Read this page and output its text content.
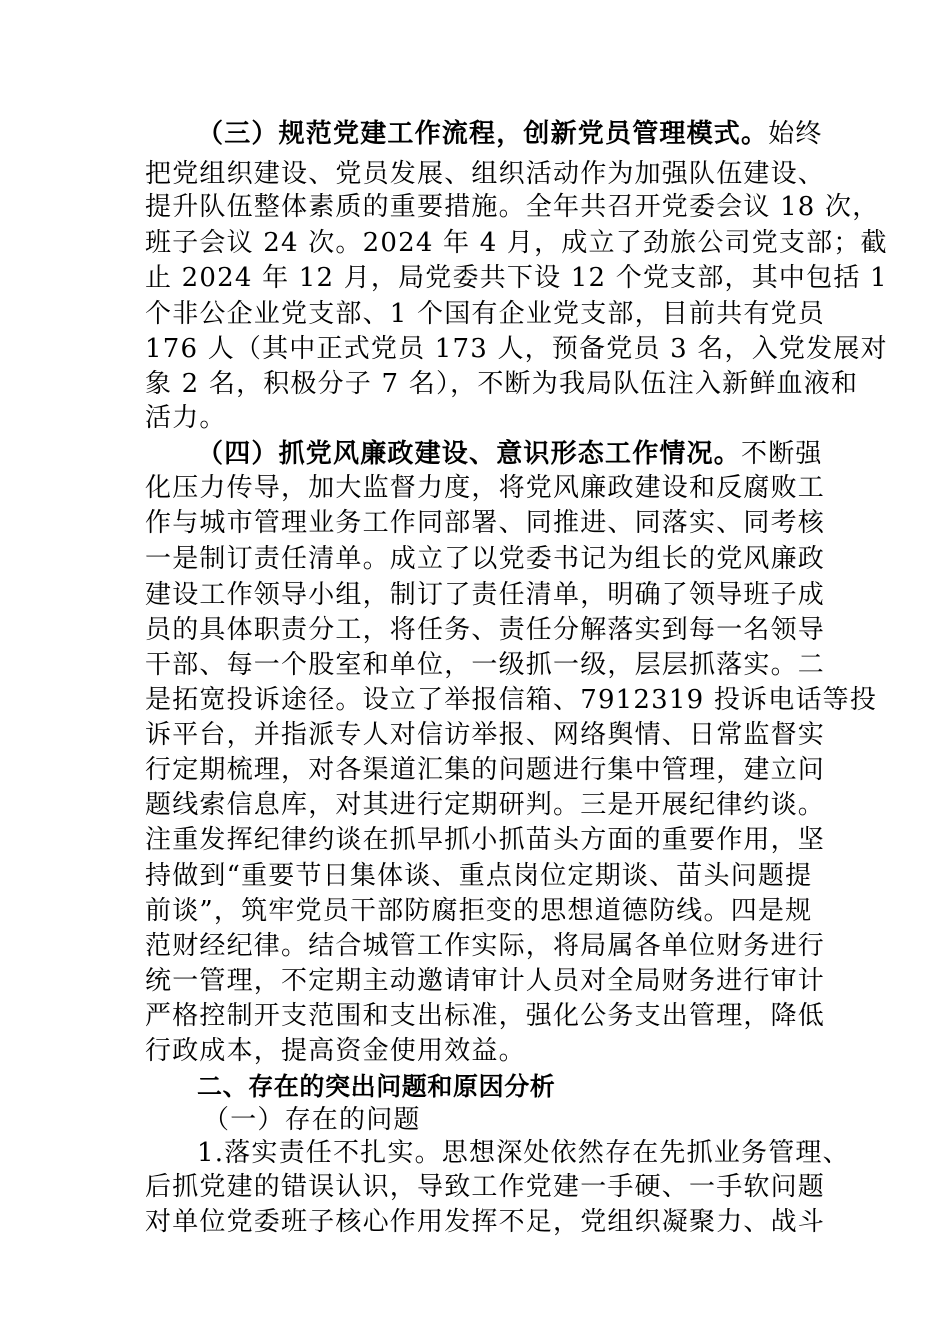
（三）规范党建工作流程，创新党员管理模式。始终
把党组织建设、党员发展、组织活动作为加强队伍建设、
提升队伍整体素质的重要措施。全年共召开党委会议 18 次，
班子会议 24 次。2024 年 4 月，成立了劲旅公司党支部；截
止 2024 年 12 月，局党委共下设 12 个党支部，其中包括 1
个非公企业党支部、1 个国有企业党支部，目前共有党员
176 人（其中正式党员 173 人，预备党员 3 名，入党发展对
象 2 名，积极分子 7 名），不断为我局队伍注入新鲜血液和
活力。
（四）抓党风廉政建设、意识形态工作情况。不断强
化压力传导，加大监督力度，将党风廉政建设和反腐败工
作与城市管理业务工作同部署、同推进、同落实、同考核
一是制订责任清单。成立了以党委书记为组长的党风廉政
建设工作领导小组，制订了责任清单，明确了领导班子成
员的具体职责分工，将任务、责任分解落实到每一名领导
干部、每一个股室和单位，一级抓一级，层层抓落实。二
是拓宽投诉途径。设立了举报信箱、7912319 投诉电话等投
诉平台，并指派专人对信访举报、网络舆情、日常监督实
行定期梳理，对各渠道汇集的问题进行集中管理，建立问
题线索信息库，对其进行定期研判。三是开展纪律约谈。
注重发挥纪律约谈在抓早抓小抓苗头方面的重要作用，坚
持做到“重要节日集体谈、重点岗位定期谈、苗头问题提
前谈”，筑牢党员干部防腐拒变的思想道德防线。四是规
范财经纪律。结合城管工作实际，将局属各单位财务进行
统一管理，不定期主动邀请审计人员对全局财务进行审计
严格控制开支范围和支出标准，强化公务支出管理，降低
行政成本，提高资金使用效益。
二、存在的突出问题和原因分析
（一）存在的问题
1.落实责任不扎实。思想深处依然存在先抓业务管理、
后抓党建的错误认识，导致工作党建一手硬、一手软问题
对单位党委班子核心作用发挥不足，党组织凝聚力、战斗
